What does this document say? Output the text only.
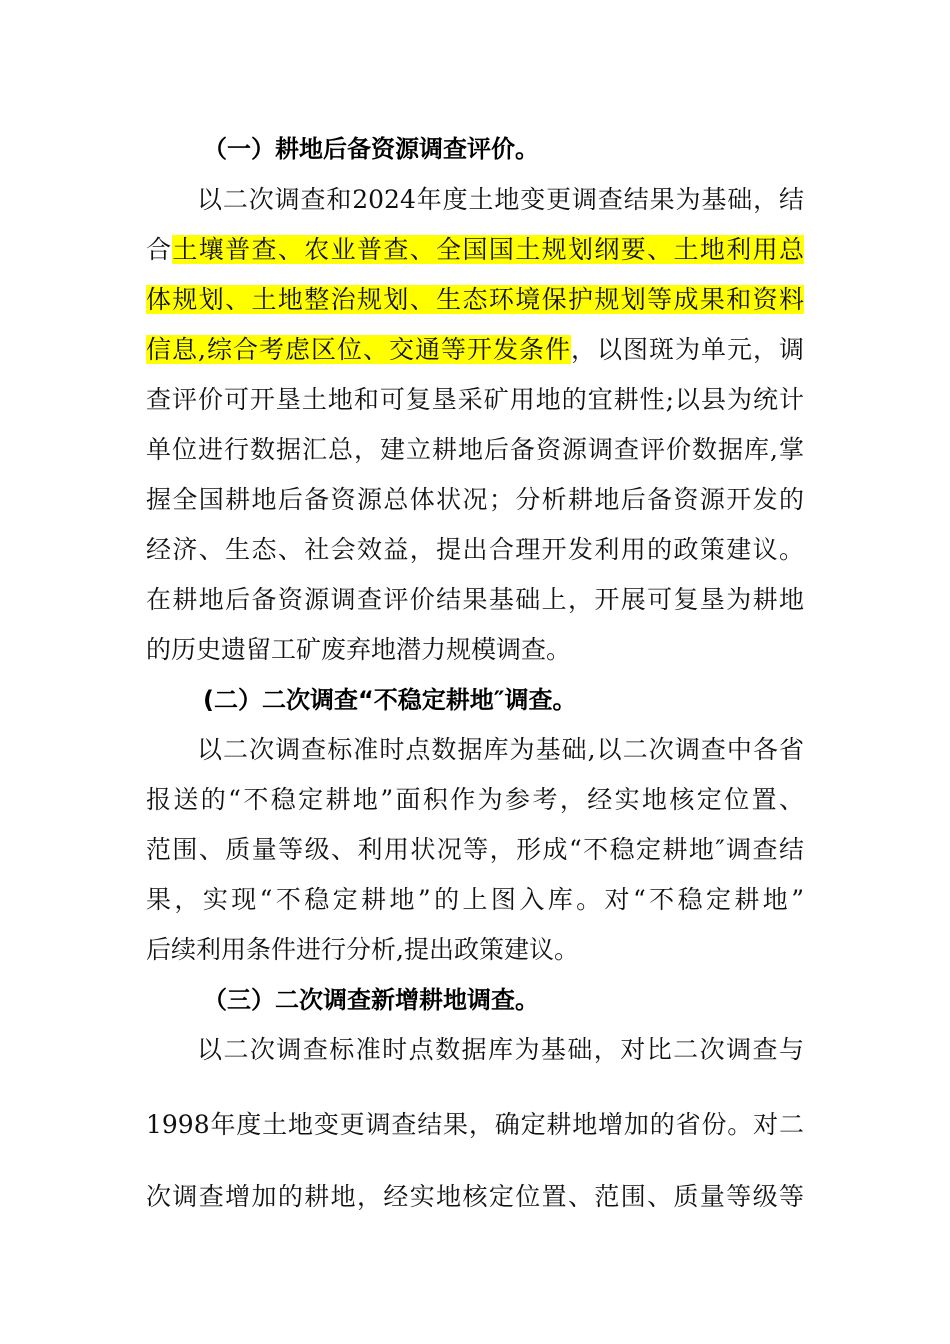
（一）耕地后备资源调查评价。
以二次调查和2024年度土地变更调查结果为基础，结
合土壤普查、农业普查、全国国土规划纲要、土地利用总
体规划、土地整治规划、生态环境保护规划等成果和资料
信息,综合考虑区位、交通等开发条件，以图斑为单元，调
查评价可开垦土地和可复垦采矿用地的宜耕性;以县为统计
单位进行数据汇总，建立耕地后备资源调查评价数据库,掌
握全国耕地后备资源总体状况；分析耕地后备资源开发的
经济、生态、社会效益，提出合理开发利用的政策建议。
在耕地后备资源调查评价结果基础上，开展可复垦为耕地
的历史遗留工矿废弃地潜力规模调查。
(二）二次调查“不稳定耕地″调查。
以二次调查标准时点数据库为基础,以二次调查中各省
报送的“不稳定耕地”面积作为参考，经实地核定位置、
范围、质量等级、利用状况等，形成“不稳定耕地″调查结
果，实现“不稳定耕地”的上图入库。对“不稳定耕地”
后续利用条件进行分析,提出政策建议。
（三）二次调查新增耕地调查。
以二次调查标准时点数据库为基础，对比二次调查与
1998年度土地变更调查结果，确定耕地增加的省份。对二
次调查增加的耕地，经实地核定位置、范围、质量等级等
